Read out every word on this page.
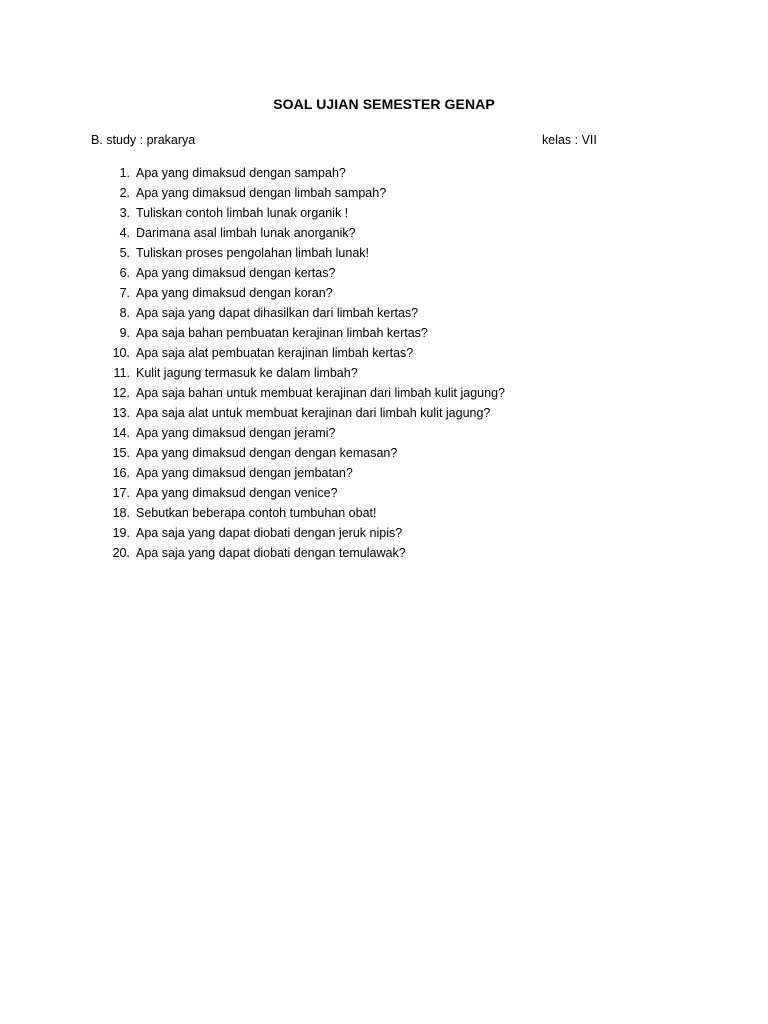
SOAL UJIAN SEMESTER GENAP
B. study : prakarya	kelas : VII
1. Apa yang dimaksud dengan sampah?
2. Apa yang dimaksud dengan limbah sampah?
3. Tuliskan contoh limbah lunak organik !
4. Darimana asal limbah lunak anorganik?
5. Tuliskan proses pengolahan limbah lunak!
6. Apa yang dimaksud dengan kertas?
7. Apa yang dimaksud dengan koran?
8. Apa saja yang dapat dihasilkan dari limbah kertas?
9. Apa saja bahan pembuatan kerajinan limbah kertas?
10. Apa saja alat pembuatan kerajinan limbah kertas?
11. Kulit jagung termasuk ke dalam limbah?
12. Apa saja bahan untuk membuat kerajinan dari limbah kulit jagung?
13. Apa saja alat untuk membuat kerajinan dari limbah kulit jagung?
14. Apa yang dimaksud dengan jerami?
15. Apa yang dimaksud dengan dengan kemasan?
16. Apa yang dimaksud dengan jembatan?
17. Apa yang dimaksud dengan venice?
18. Sebutkan beberapa contoh tumbuhan obat!
19. Apa saja yang dapat diobati dengan jeruk nipis?
20. Apa saja yang dapat diobati dengan temulawak?
